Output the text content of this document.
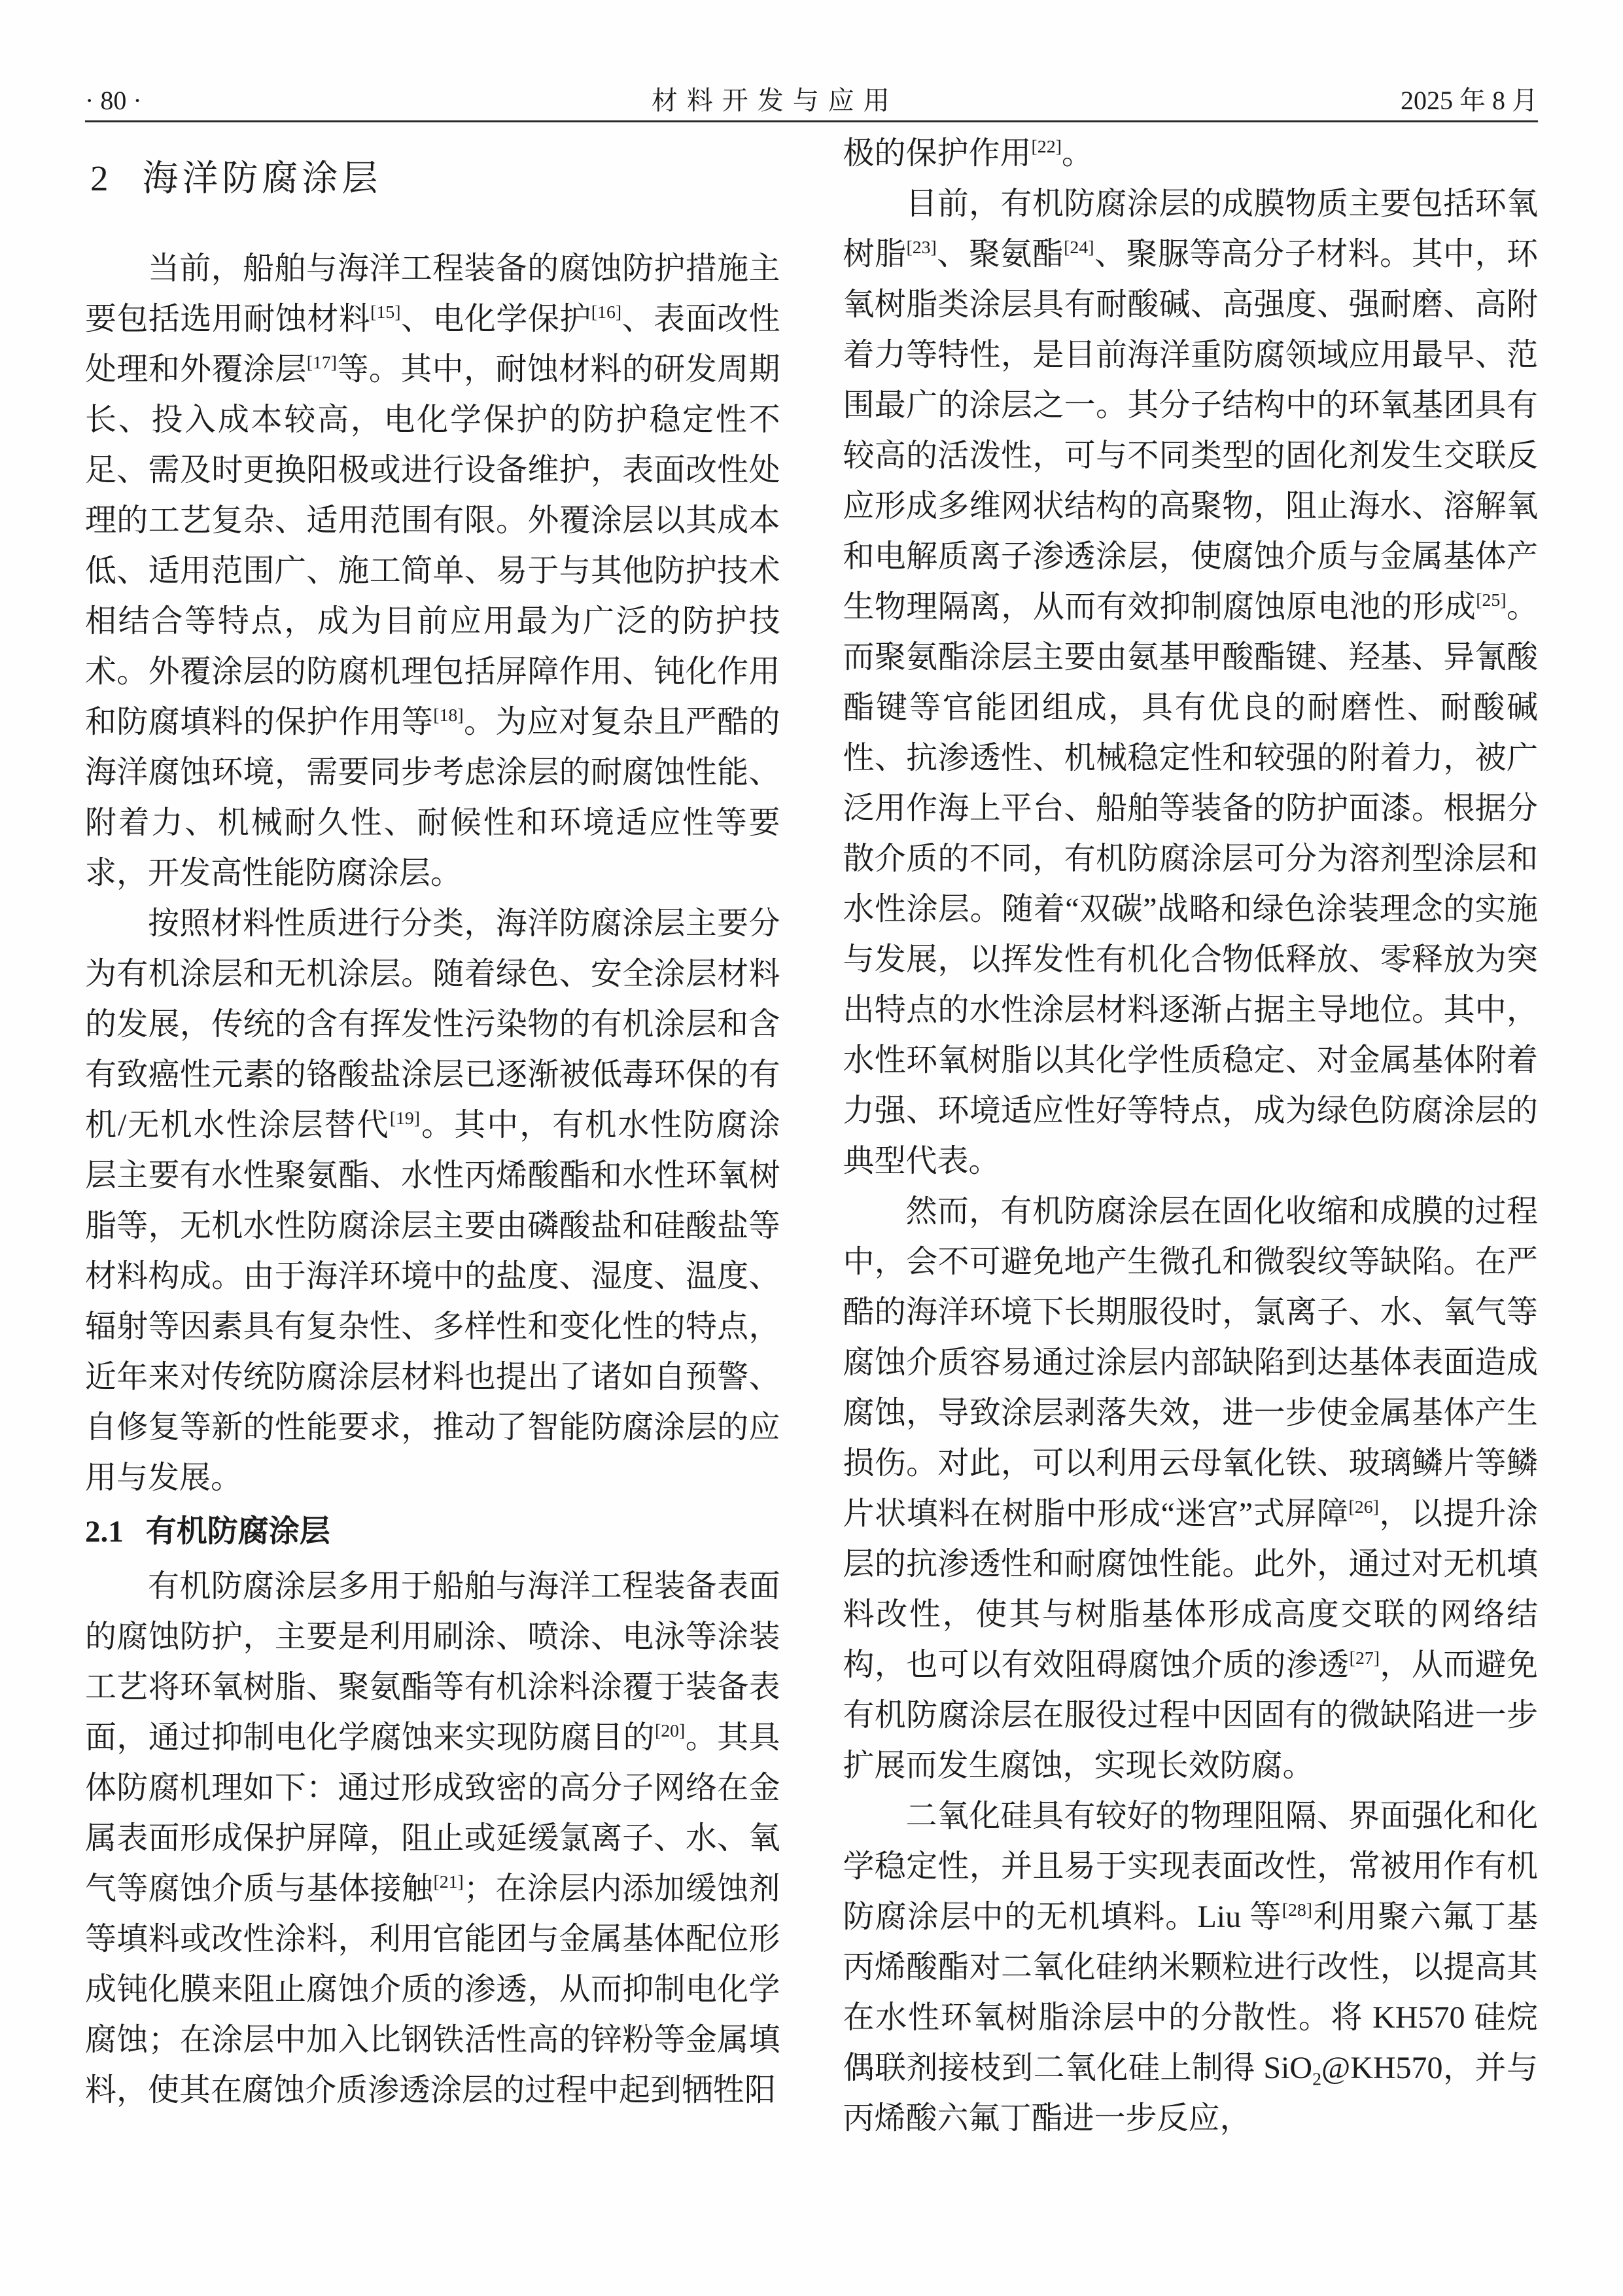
· 80 ·	材 料 开 发 与 应 用	2025 年 8 月
2 海洋防腐涂层

当前，船舶与海洋工程装备的腐蚀防护措施主要包括选用耐蚀材料[15]、电化学保护[16]、表面改性处理和外覆涂层[17]等。其中，耐蚀材料的研发周期长、投入成本较高，电化学保护的防护稳定性不足、需及时更换阳极或进行设备维护，表面改性处理的工艺复杂、适用范围有限。外覆涂层以其成本低、适用范围广、施工简单、易于与其他防护技术相结合等特点，成为目前应用最为广泛的防护技术。外覆涂层的防腐机理包括屏障作用、钝化作用和防腐填料的保护作用等[18]。为应对复杂且严酷的海洋腐蚀环境，需要同步考虑涂层的耐腐蚀性能、附着力、机械耐久性、耐候性和环境适应性等要求，开发高性能防腐涂层。

按照材料性质进行分类，海洋防腐涂层主要分为有机涂层和无机涂层。随着绿色、安全涂层材料的发展，传统的含有挥发性污染物的有机涂层和含有致癌性元素的铬酸盐涂层已逐渐被低毒环保的有机/无机水性涂层替代[19]。其中，有机水性防腐涂层主要有水性聚氨酯、水性丙烯酸酯和水性环氧树脂等，无机水性防腐涂层主要由磷酸盐和硅酸盐等材料构成。由于海洋环境中的盐度、湿度、温度、辐射等因素具有复杂性、多样性和变化性的特点，近年来对传统防腐涂层材料也提出了诸如自预警、自修复等新的性能要求，推动了智能防腐涂层的应用与发展。

2.1 有机防腐涂层

有机防腐涂层多用于船舶与海洋工程装备表面的腐蚀防护，主要是利用刷涂、喷涂、电泳等涂装工艺将环氧树脂、聚氨酯等有机涂料涂覆于装备表面，通过抑制电化学腐蚀来实现防腐目的[20]。其具体防腐机理如下：通过形成致密的高分子网络在金属表面形成保护屏障，阻止或延缓氯离子、水、氧气等腐蚀介质与基体接触[21]；在涂层内添加缓蚀剂等填料或改性涂料，利用官能团与金属基体配位形成钝化膜来阻止腐蚀介质的渗透，从而抑制电化学腐蚀；在涂层中加入比钢铁活性高的锌粉等金属填料，使其在腐蚀介质渗透涂层的过程中起到牺牲阳

极的保护作用[22]。

目前，有机防腐涂层的成膜物质主要包括环氧树脂[23]、聚氨酯[24]、聚脲等高分子材料。其中，环氧树脂类涂层具有耐酸碱、高强度、强耐磨、高附着力等特性，是目前海洋重防腐领域应用最早、范围最广的涂层之一。其分子结构中的环氧基团具有较高的活泼性，可与不同类型的固化剂发生交联反应形成多维网状结构的高聚物，阻止海水、溶解氧和电解质离子渗透涂层，使腐蚀介质与金属基体产生物理隔离，从而有效抑制腐蚀原电池的形成[25]。而聚氨酯涂层主要由氨基甲酸酯键、羟基、异氰酸酯键等官能团组成，具有优良的耐磨性、耐酸碱性、抗渗透性、机械稳定性和较强的附着力，被广泛用作海上平台、船舶等装备的防护面漆。根据分散介质的不同，有机防腐涂层可分为溶剂型涂层和水性涂层。随着“双碳”战略和绿色涂装理念的实施与发展，以挥发性有机化合物低释放、零释放为突出特点的水性涂层材料逐渐占据主导地位。其中，水性环氧树脂以其化学性质稳定、对金属基体附着力强、环境适应性好等特点，成为绿色防腐涂层的典型代表。

然而，有机防腐涂层在固化收缩和成膜的过程中，会不可避免地产生微孔和微裂纹等缺陷。在严酷的海洋环境下长期服役时，氯离子、水、氧气等腐蚀介质容易通过涂层内部缺陷到达基体表面造成腐蚀，导致涂层剥落失效，进一步使金属基体产生损伤。对此，可以利用云母氧化铁、玻璃鳞片等鳞片状填料在树脂中形成“迷宫”式屏障[26]，以提升涂层的抗渗透性和耐腐蚀性能。此外，通过对无机填料改性，使其与树脂基体形成高度交联的网络结构，也可以有效阻碍腐蚀介质的渗透[27]，从而避免有机防腐涂层在服役过程中因固有的微缺陷进一步扩展而发生腐蚀，实现长效防腐。

二氧化硅具有较好的物理阻隔、界面强化和化学稳定性，并且易于实现表面改性，常被用作有机防腐涂层中的无机填料。Liu 等[28]利用聚六氟丁基丙烯酸酯对二氧化硅纳米颗粒进行改性，以提高其在水性环氧树脂涂层中的分散性。将 KH570 硅烷偶联剂接枝到二氧化硅上制得 SiO$_2$@KH570，并与丙烯酸六氟丁酯进一步反应，
